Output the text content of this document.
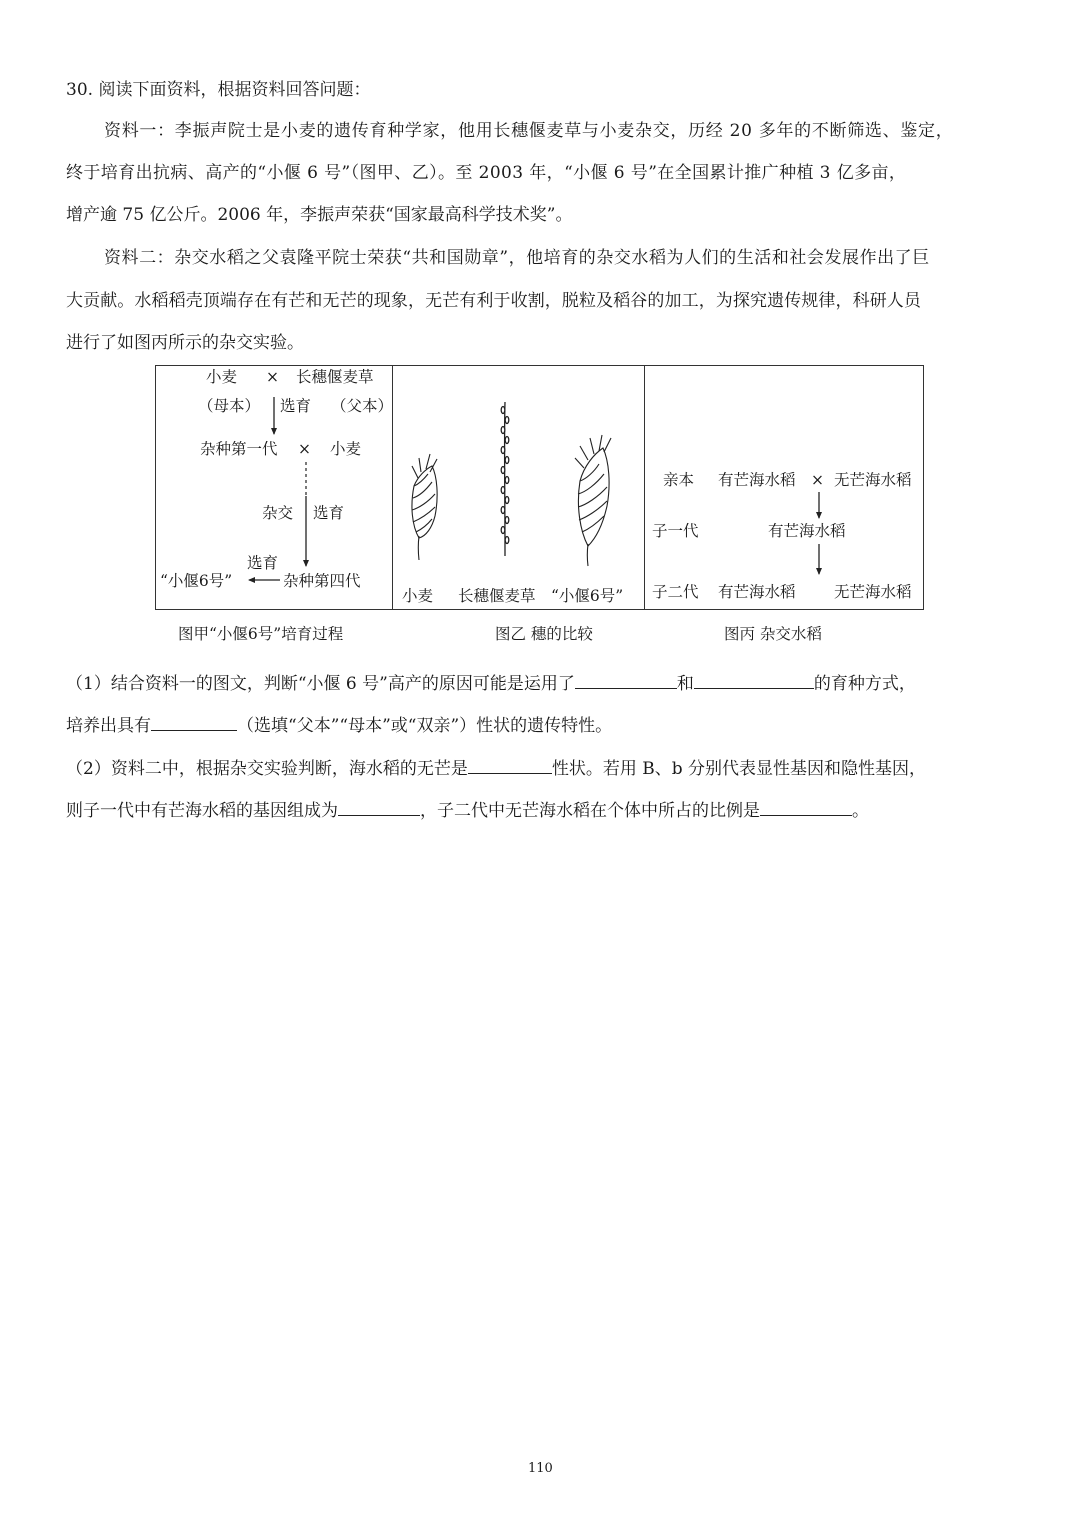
30. 阅读下面资料，根据资料回答问题：
资料一：李振声院士是小麦的遗传育种学家，他用长穗偃麦草与小麦杂交，历经 20 多年的不断筛选、鉴定，
终于培育出抗病、高产的“小偃 6 号”（图甲、乙）。至 2003 年，“小偃 6 号”在全国累计推广种植 3 亿多亩，
增产逾 75 亿公斤。2006 年，李振声荣获“国家最高科学技术奖”。
资料二：杂交水稻之父袁隆平院士荣获“共和国勋章”，他培育的杂交水稻为人们的生活和社会发展作出了巨
大贡献。水稻稻壳顶端存在有芒和无芒的现象，无芒有利于收割，脱粒及稻谷的加工，为探究遗传规律，科研人员
进行了如图丙所示的杂交实验。
小麦 × 长穗偃麦草
（母本） 选育 （父本）
杂种第一代 × 小麦
杂交 选育
选育
“小偃6号”	杂种第四代
小麦 长穗偃麦草 “小偃6号”
亲本 有芒海水稻 × 无芒海水稻
子一代	有芒海水稻
子二代 有芒海水稻 无芒海水稻
图甲“小偃6号”培育过程	图乙 穗的比较	图丙 杂交水稻
（1）结合资料一的图文，判断“小偃 6 号”高产的原因可能是运用了	和	的育种方式，
培养出具有	（选填“父本”“母本”或“双亲”）性状的遗传特性。
（2）资料二中，根据杂交实验判断，海水稻的无芒是	性状。若用 B、b 分别代表显性基因和隐性基因，
则子一代中有芒海水稻的基因组成为	，子二代中无芒海水稻在个体中所占的比例是	。
110
